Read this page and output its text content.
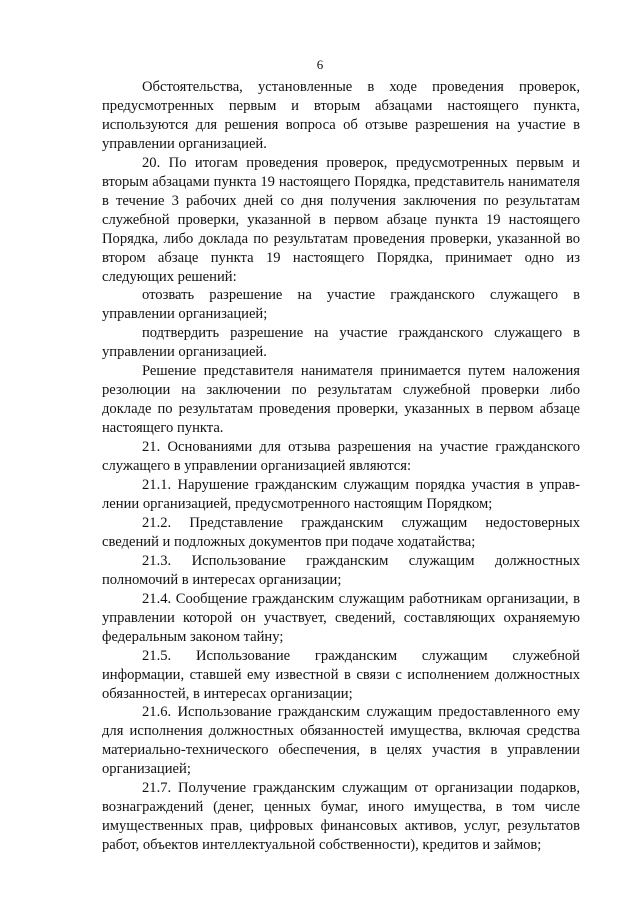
6

Обстоятельства, установленные в ходе проведения проверок, предусмотренных первым и вторым абзацами настоящего пункта, используются для решения вопроса об отзыве разрешения на участие в управлении организацией.

20. По итогам проведения проверок, предусмотренных первым и вторым абзацами пункта 19 настоящего Порядка, представитель нанимателя в течение 3 рабочих дней со дня получения заключения по результатам служебной проверки, указанной в первом абзаце пункта 19 настоящего Порядка, либо доклада по результатам проведения проверки, указанной во втором абзаце пункта 19 настоящего Порядка, принимает одно из следующих решений:

отозвать разрешение на участие гражданского служащего в управлении организацией;

подтвердить разрешение на участие гражданского служащего в управлении организацией.

Решение представителя нанимателя принимается путем наложения резолюции на заключении по результатам служебной проверки либо докладе по результатам проведения проверки, указанных в первом абзаце настоящего пункта.

21. Основаниями для отзыва разрешения на участие гражданского служащего в управлении организацией являются:

21.1. Нарушение гражданским служащим порядка участия в управлении организацией, предусмотренного настоящим Порядком;

21.2. Представление гражданским служащим недостоверных сведений и подложных документов при подаче ходатайства;

21.3. Использование гражданским служащим должностных полномочий в интересах организации;

21.4. Сообщение гражданским служащим работникам организации, в управлении которой он участвует, сведений, составляющих охраняемую федеральным законом тайну;

21.5. Использование гражданским служащим служебной информации, ставшей ему известной в связи с исполнением должностных обязанностей, в интересах организации;

21.6. Использование гражданским служащим предоставленного ему для исполнения должностных обязанностей имущества, включая средства материально-технического обеспечения, в целях участия в управлении организацией;

21.7. Получение гражданским служащим от организации подарков, вознаграждений (денег, ценных бумаг, иного имущества, в том числе имущественных прав, цифровых финансовых активов, услуг, результатов работ, объектов интеллектуальной собственности), кредитов и займов;
